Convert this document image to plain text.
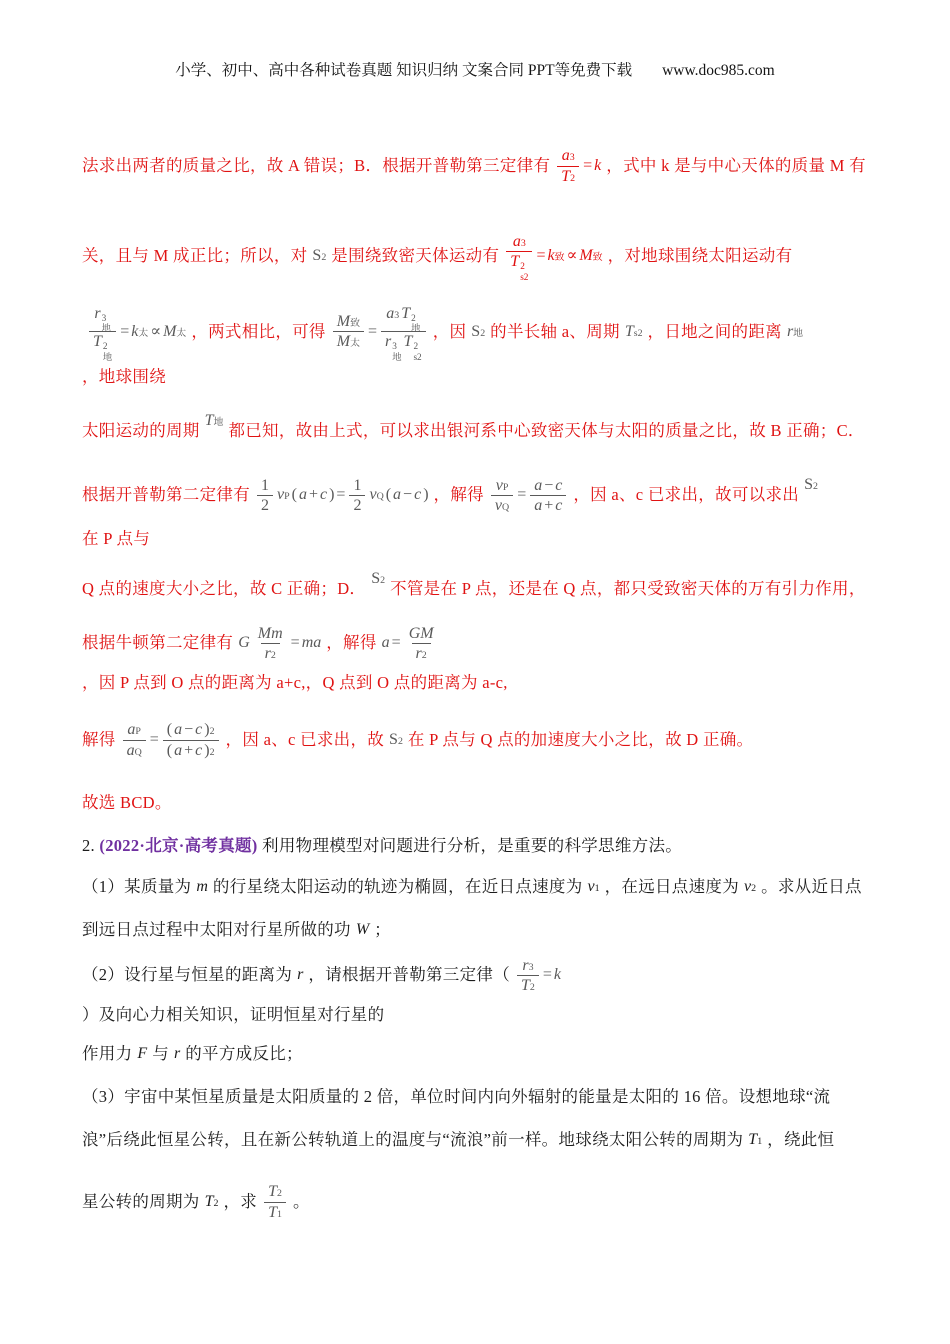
小学、初中、高中各种试卷真题 知识归纳 文案合同 PPT等免费下载 www.doc985.com
法求出两者的质量之比，故 A 错误；B．根据开普勒第三定律有 $\frac{a 3}{T 2} = k$ ，式中 k 是与中心天体的质量 M 有
关，且与 M 成正比；所以，对 S 2 是围绕致密天体运动有 a 3
T 2
s2 = k 致 ∝ M 致 ，对地球围绕太阳运动有
r 3
地
T 2
地 = k 太 ∝ M 太 ，两式相比，可得 $\frac{\text{M 致}}{\text{M 太}} = a$ 3 T 2
地
r 3
地
T 2
s2 ，因 S 2 的半长轴 a、周期 T s2 ，日地之间的距离 r 地
，地球围绕
太阳运动的周期
T 地 都已知，故由上式，可以求出银河系中心致密天体与太阳的质量之比，故 B 正确；C．
根据开普勒第二定律有 $\frac{1}{2}$ v P ( a + c ) = $\frac{1}{2}$ v Q ( a − c ) ，解得 $\frac{\text{v P}}{\text{v Q}} = \frac{a - c}{a + c}$ ，因 a、c 已求出，故可以求出
S 2
在 P 点与
Q 点的速度大小之比，故 C 正确；D．
S 2 不管是在 P 点，还是在 Q 点，都只受致密天体的万有引力作用，
根据牛顿第二定律有 G $\frac{Mm}{r 2}$ = ma ，解得 $a = \frac{GM}{r 2}$
，因 P 点到 O 点的距离为 a+c,，Q 点到 O 点的距离为 a-c,
解得 $\frac{\text{a P}}{\text{a Q}} = \frac{( a - c ) 2}{( a + c ) 2}$ ，因 a、c 已求出，故 S 2 在 P 点与 Q 点的加速度大小之比，故 D 正确。
故选 BCD。
2. (2022·北京·高考真题) 利用物理模型对问题进行分析，是重要的科学思维方法。
（1）某质量为 m 的行星绕太阳运动的轨迹为椭圆，在近日点速度为 v 1 ，在远日点速度为 v 2 。求从近日点
到远日点过程中太阳对行星所做的功 W ；
（2）设行星与恒星的距离为 r ，请根据开普勒第三定律（ $\frac{r 3}{T 2} = k$
）及向心力相关知识，证明恒星对行星的
作用力 F 与 r 的平方成反比；
（3）宇宙中某恒星质量是太阳质量的 2 倍，单位时间内向外辐射的能量是太阳的 16 倍。设想地球“流
浪”后绕此恒星公转，且在新公转轨道上的温度与“流浪”前一样。地球绕太阳公转的周期为 T 1 ，绕此恒
星公转的周期为 T 2 ，求 $\frac{T 2}{T 1}$ 。
